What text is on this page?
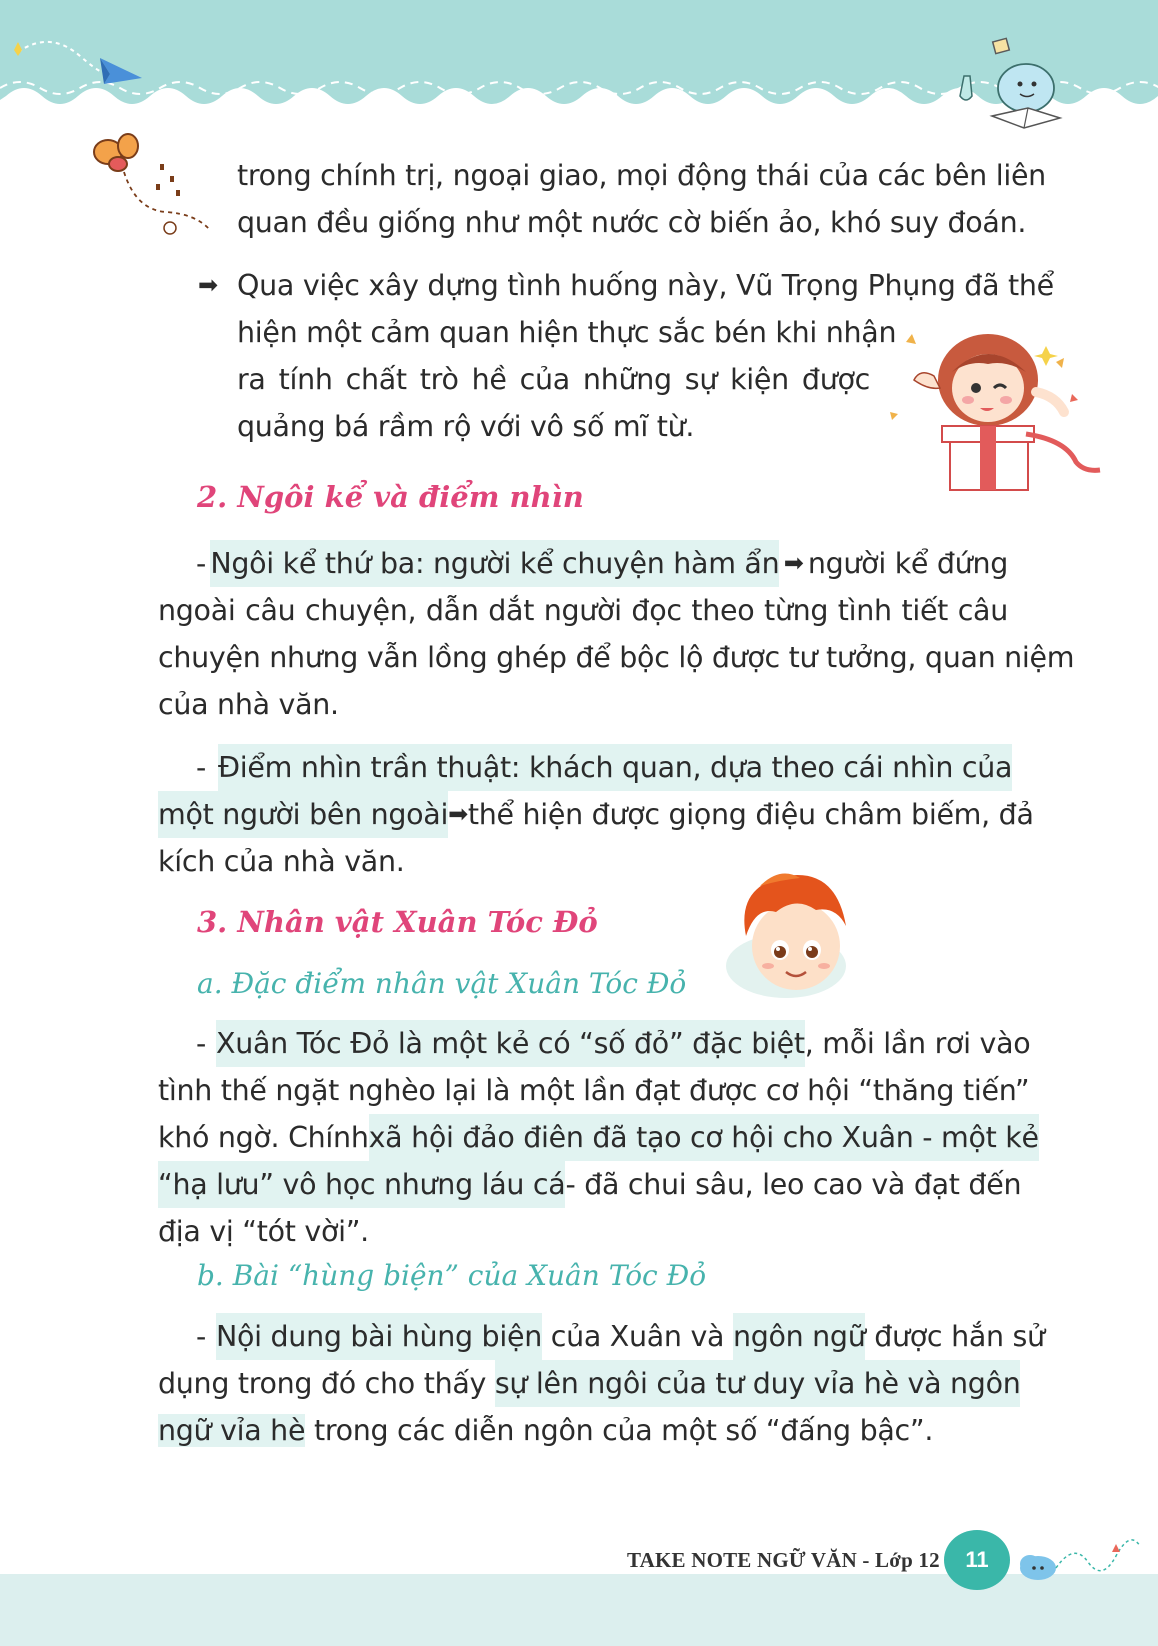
trong chính trị, ngoại giao, mọi động thái của các bên liên
quan đều giống như một nước cờ biến ảo, khó suy đoán.
➡ Qua việc xây dựng tình huống này, Vũ Trọng Phụng đã thể
hiện một cảm quan hiện thực sắc bén khi nhận
ra tính chất trò hề của những sự kiện được
quảng bá rầm rộ với vô số mĩ từ.
2. Ngôi kể và điểm nhìn
- Ngôi kể thứ ba: người kể chuyện hàm ẩn ➡ người kể đứng
ngoài câu chuyện, dẫn dắt người đọc theo từng tình tiết câu
chuyện nhưng vẫn lồng ghép để bộc lộ được tư tưởng, quan niệm
của nhà văn.
- Điểm nhìn trần thuật: khách quan, dựa theo cái nhìn của
một người bên ngoài ➡ thể hiện được giọng điệu châm biếm, đả
kích của nhà văn.
3. Nhân vật Xuân Tóc Đỏ
a. Đặc điểm nhân vật Xuân Tóc Đỏ
- Xuân Tóc Đỏ là một kẻ có “số đỏ” đặc biệt , mỗi lần rơi vào
tình thế ngặt nghèo lại là một lần đạt được cơ hội “thăng tiến”
khó ngờ. Chính xã hội đảo điên đã tạo cơ hội cho Xuân - một kẻ
“hạ lưu” vô học nhưng láu cá - đã chui sâu, leo cao và đạt đến
địa vị “tót vời”.
b. Bài “hùng biện” của Xuân Tóc Đỏ
- Nội dung bài hùng biện của Xuân và ngôn ngữ được hắn sử
dụng trong đó cho thấy sự lên ngôi của tư duy vỉa hè và ngôn
ngữ vỉa hè trong các diễn ngôn của một số “đấng bậc”.
TAKE NOTE NGỮ VĂN - Lớp 12	11
